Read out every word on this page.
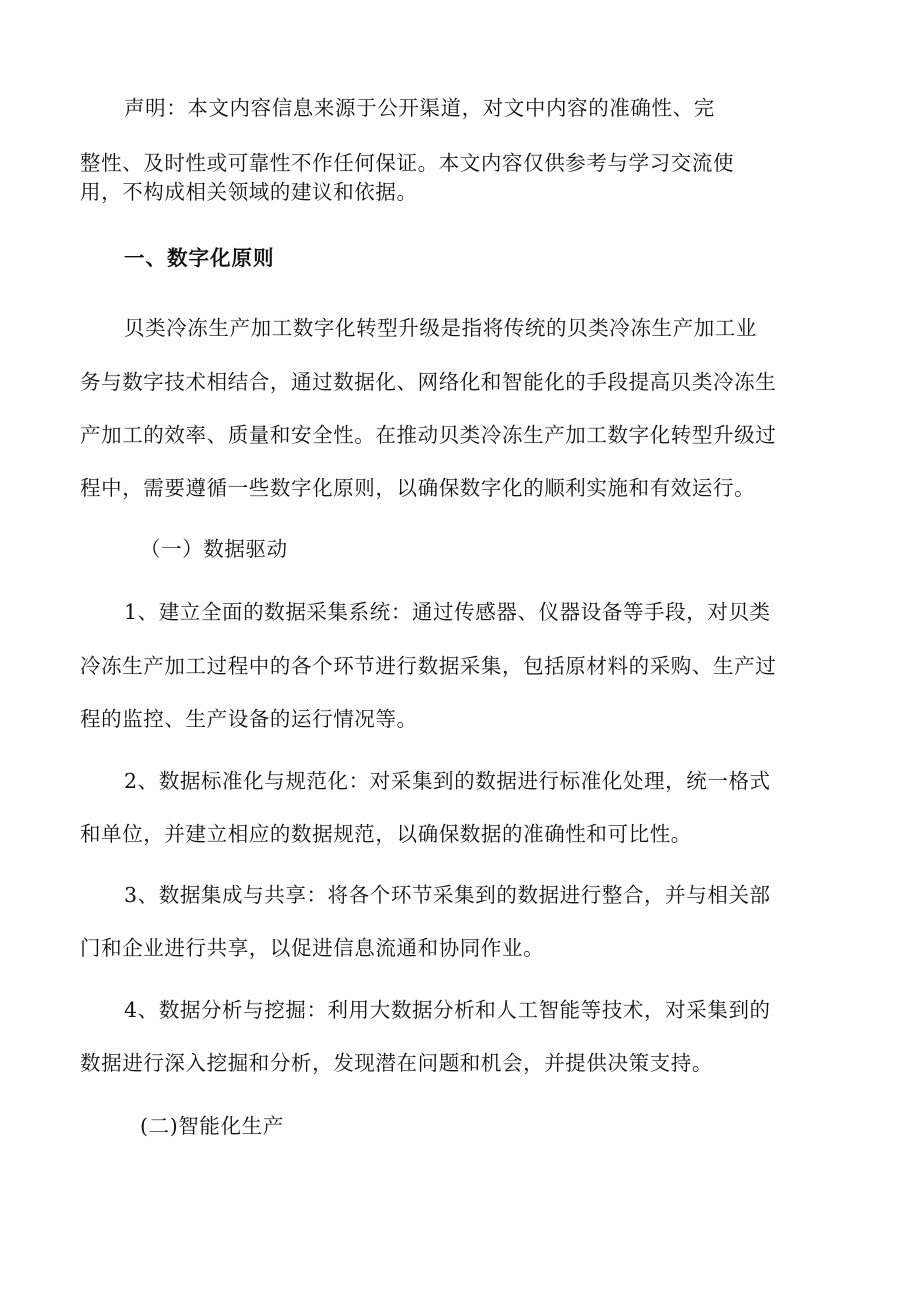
声明：本文内容信息来源于公开渠道，对文中内容的准确性、完
整性、及时性或可靠性不作任何保证。本文内容仅供参考与学习交流使
用，不构成相关领域的建议和依据。
一、数字化原则
贝类冷冻生产加工数字化转型升级是指将传统的贝类冷冻生产加工业
务与数字技术相结合，通过数据化、网络化和智能化的手段提高贝类冷冻生
产加工的效率、质量和安全性。在推动贝类冷冻生产加工数字化转型升级过
程中，需要遵循一些数字化原则，以确保数字化的顺利实施和有效运行。
（一）数据驱动
1、建立全面的数据采集系统：通过传感器、仪器设备等手段，对贝类
冷冻生产加工过程中的各个环节进行数据采集，包括原材料的采购、生产过
程的监控、生产设备的运行情况等。
2、数据标准化与规范化：对采集到的数据进行标准化处理，统一格式
和单位，并建立相应的数据规范，以确保数据的准确性和可比性。
3、数据集成与共享：将各个环节采集到的数据进行整合，并与相关部
门和企业进行共享，以促进信息流通和协同作业。
4、数据分析与挖掘：利用大数据分析和人工智能等技术，对采集到的
数据进行深入挖掘和分析，发现潜在问题和机会，并提供决策支持。
(二)智能化生产
